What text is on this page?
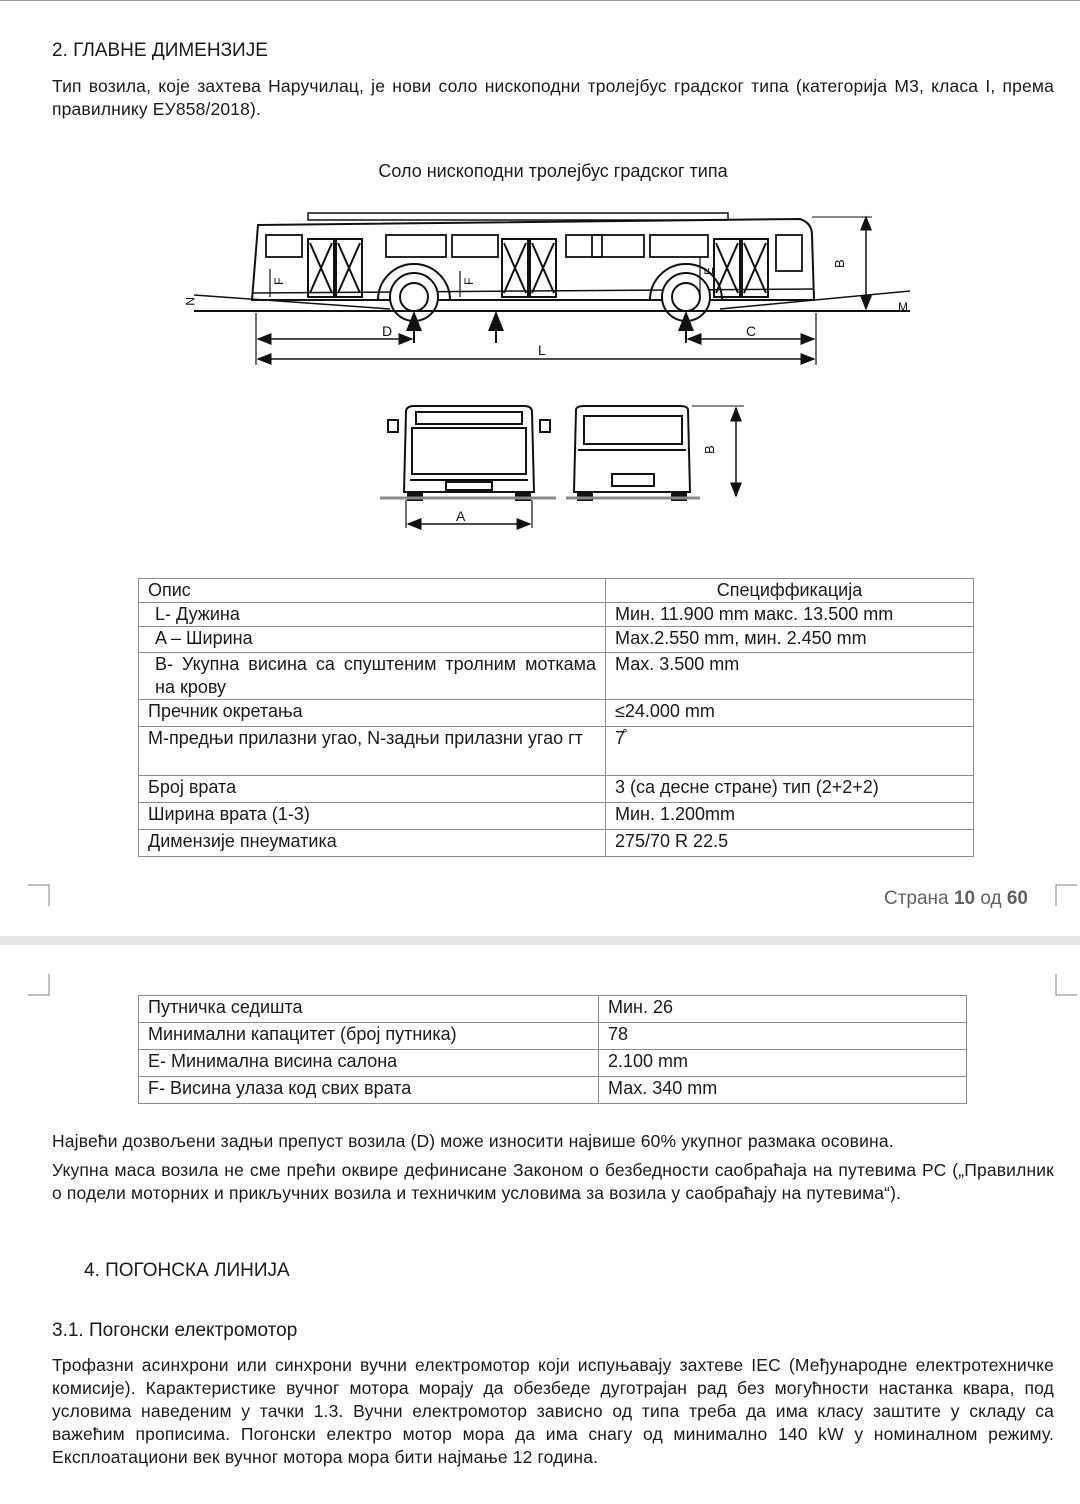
2. ГЛАВНЕ ДИМЕНЗИЈЕ
Тип возила, које захтева Наручилац, је нови соло нископодни тролејбус градског типа (категорија М3, класа I, према правилнику ЕУ858/2018).
Соло нископодни тролејбус градског типа
N	M
F	F
E
B
D	C
L
A
B
Опис	Специффикација
L- Дужина	Мин. 11.900 mm макс. 13.500 mm
A – Ширина	Мах.2.550 mm, мин. 2.450 mm
B- Укупна висина са спуштеним тролним моткама на крову	Мах. 3.500 mm
Пречник окретања	≤24.000 mm
M-предњи прилазни угао, N-задњи прилазни угао гт	7̊
Број врата	3 (са десне стране) тип (2+2+2)
Ширина врата (1-3)	Мин. 1.200mm
Димензије пнеуматика	275/70 R 22.5
Страна 10 од 60
Путничка седишта	Мин. 26
Минимални капацитет (број путника)	78
E- Минимална висина салона	2.100 mm
F- Висина улаза код свих врата	Мах. 340 mm
Највећи дозвољени задњи препуст возила (D) може износити највише 60% укупног размака осовина.
Укупна маса возила не сме прећи оквире дефинисане Законом о безбедности саобраћаја на путевима РС („Правилник о подели моторних и прикључних возила и техничким условима за возила у саобраћају на путевима“).
4. ПОГОНСКА ЛИНИЈА
3.1. Погонски електромотор
Трофазни асинхрони или синхрони вучни електромотор који испуњавају захтеве IEC (Међународне електротехничке комисије). Карактеристике вучног мотора морају да обезбеде дуготрајан рад без могућности настанка квара, под условима наведеним у тачки 1.3. Вучни електромотор зависно од типа треба да има класу заштите у складу са важећим прописима. Погонски електро мотор мора да има снагу од минимално 140 kW у номиналном режиму. Експлоатациони век вучног мотора мора бити најмање 12 година.
